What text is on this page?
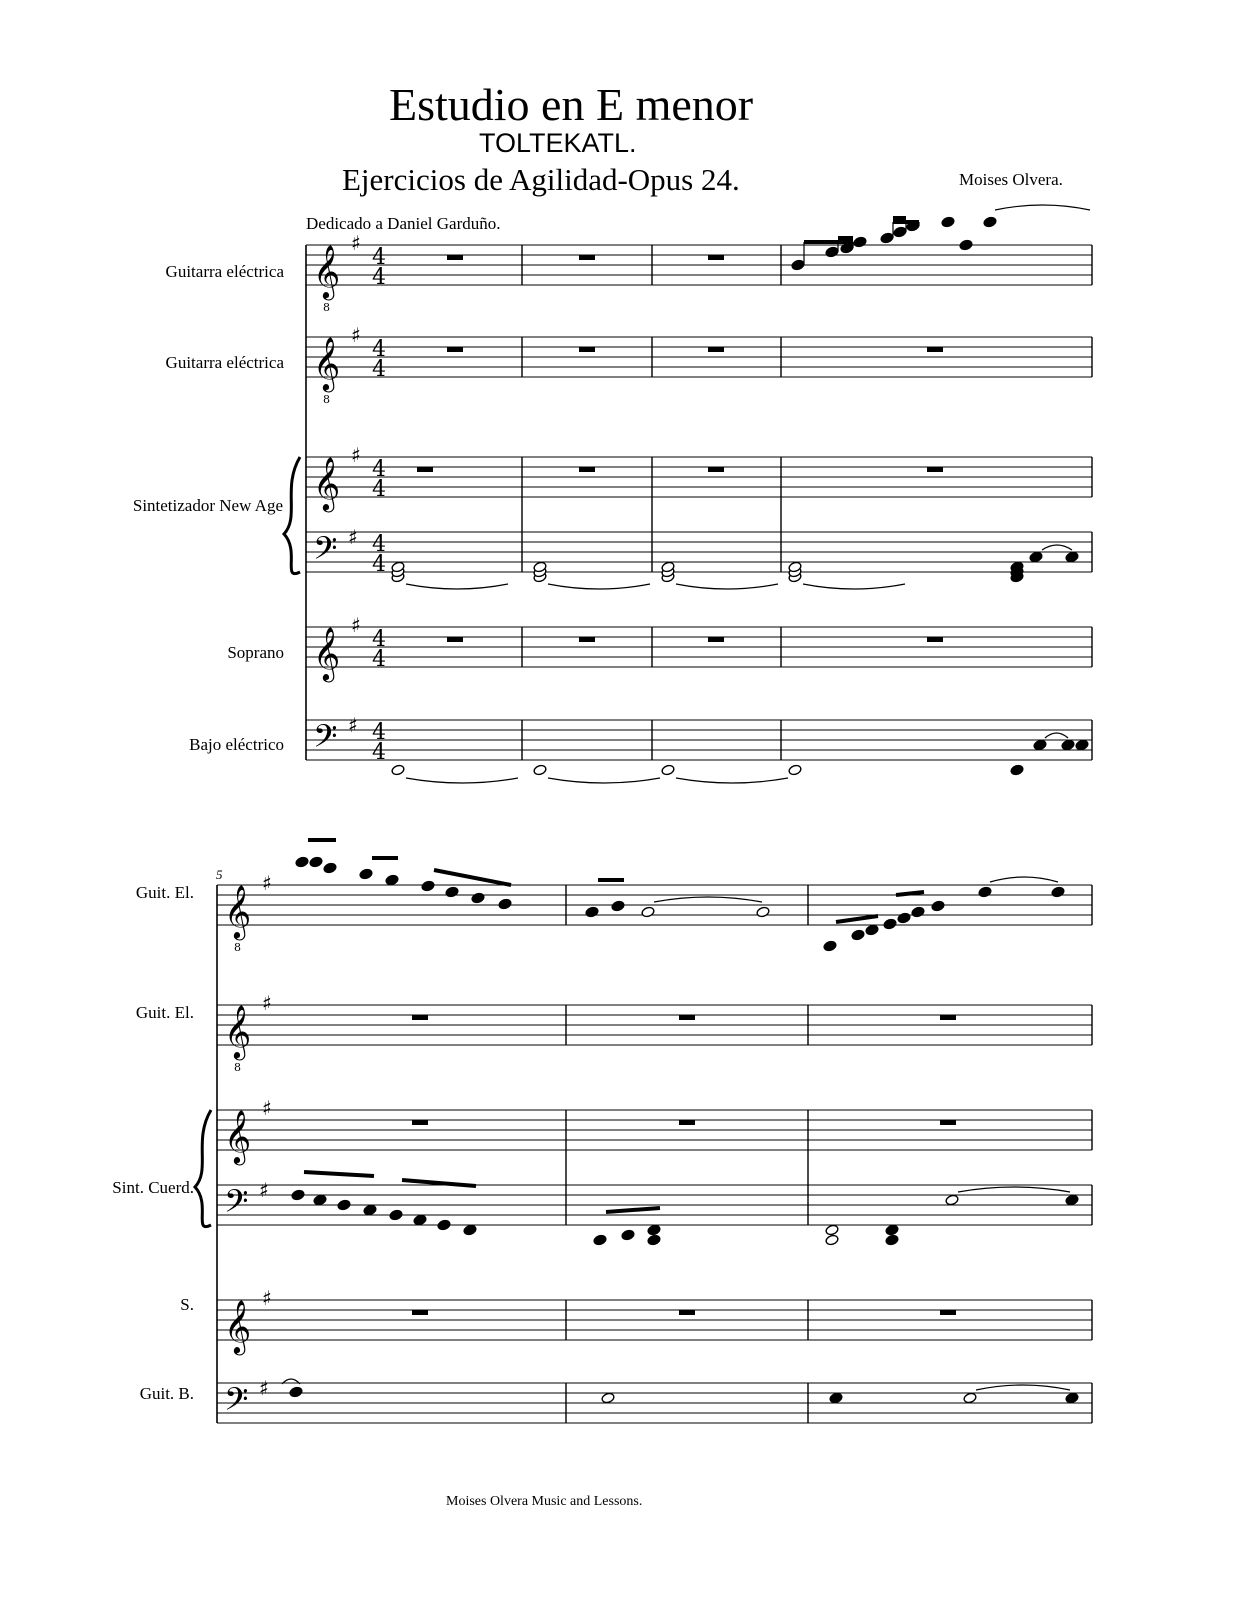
Estudio en E menor
TOLTEKATL.
Ejercicios de Agilidad-Opus 24.	Moises Olvera.
Dedicado a Daniel Garduño.
Guitarra eléctrica
Guitarra eléctrica
Sintetizador New Age
Soprano
Bajo eléctrico
5
Guit. El.
Guit. El.
Sint. Cuerd.
S.
Guit. B.
Moises Olvera Music and Lessons.
𝄞
8
♯
4
4
𝄞
8
♯
4
4
𝄞
♯
4
4
𝄢 ♯ 4
4
𝄞
♯
4
4
𝄢 ♯ 4
4
𝄞
8
♯
𝄞
8
♯
𝄞
♯
𝄢 ♯
𝄞
♯
𝄢 ♯
